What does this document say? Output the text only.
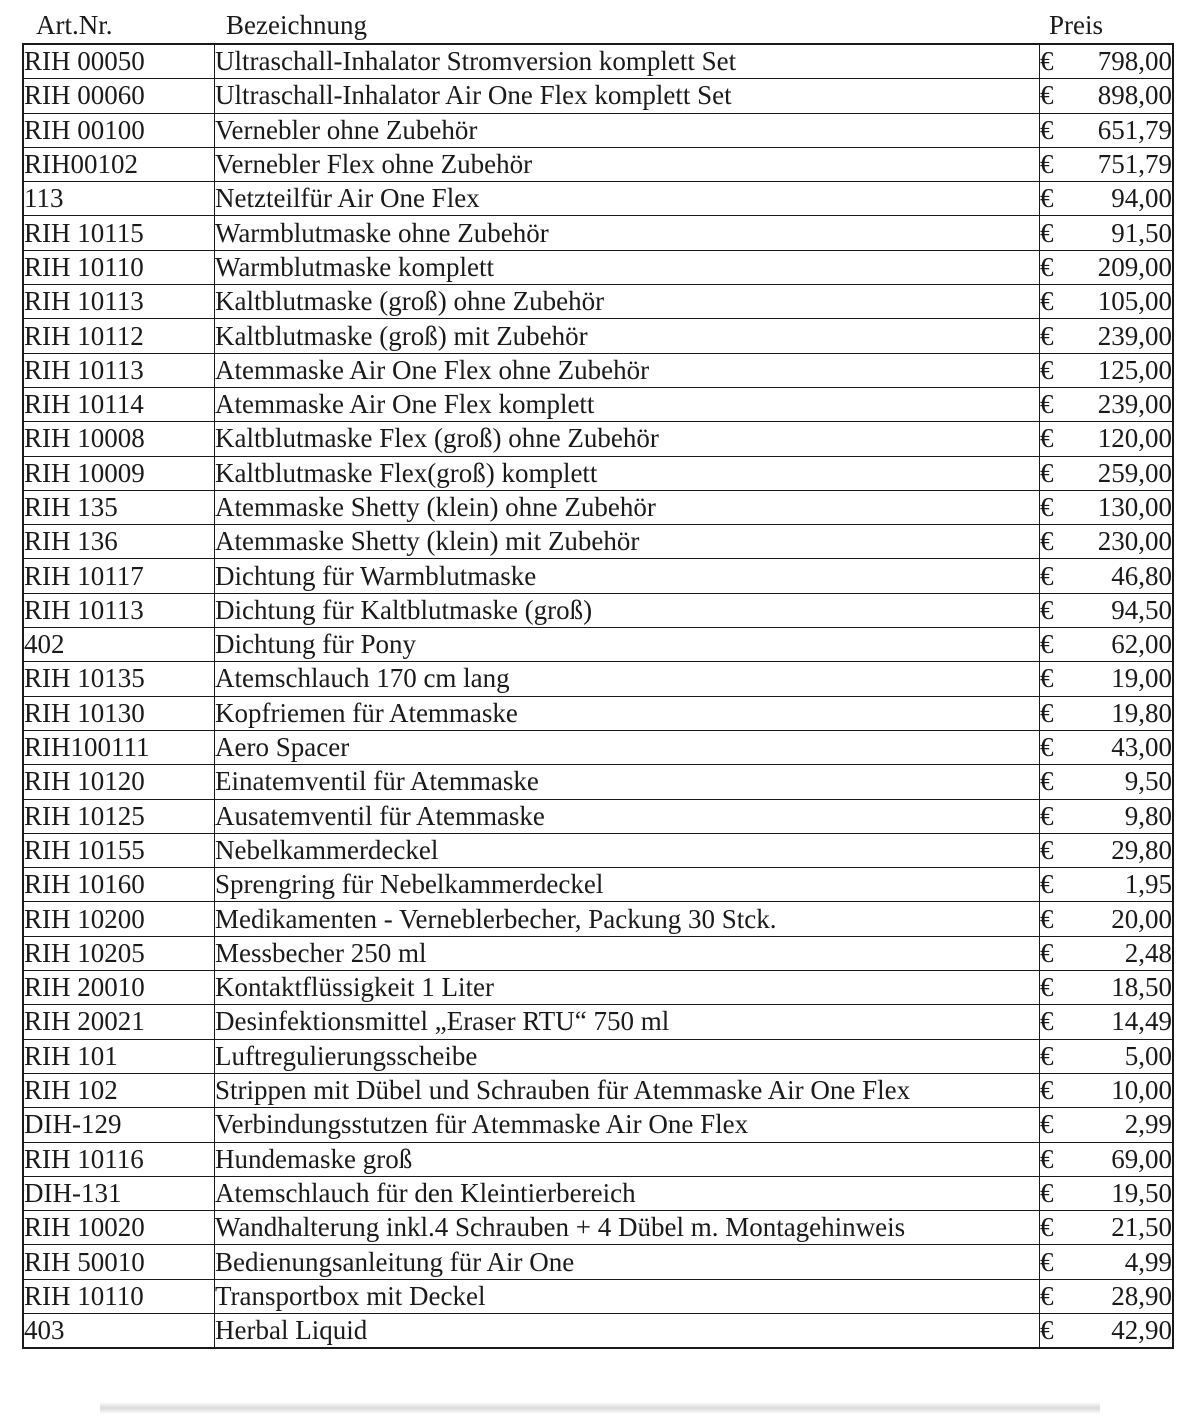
Art.Nr.	Bezeichnung	Preis
RIH 00050	Ultraschall-Inhalator Stromversion komplett Set	€ 798,00

RIH 00060	Ultraschall-Inhalator Air One Flex komplett Set	€ 898,00

RIH 00100	Vernebler ohne Zubehör	€ 651,79

RIH00102	Vernebler Flex ohne Zubehör	€ 751,79

113	Netzteilfür Air One Flex	€ 94,00

RIH 10115	Warmblutmaske ohne Zubehör	€ 91,50

RIH 10110	Warmblutmaske komplett	€ 209,00

RIH 10113	Kaltblutmaske (groß) ohne Zubehör	€ 105,00

RIH 10112	Kaltblutmaske (groß) mit Zubehör	€ 239,00

RIH 10113	Atemmaske Air One Flex ohne Zubehör	€ 125,00

RIH 10114	Atemmaske Air One Flex komplett	€ 239,00

RIH 10008	Kaltblutmaske Flex (groß) ohne Zubehör	€ 120,00

RIH 10009	Kaltblutmaske Flex(groß) komplett	€ 259,00

RIH 135	Atemmaske Shetty (klein) ohne Zubehör	€ 130,00

RIH 136	Atemmaske Shetty (klein) mit Zubehör	€ 230,00

RIH 10117	Dichtung für Warmblutmaske	€ 46,80

RIH 10113	Dichtung für Kaltblutmaske (groß)	€ 94,50

402	Dichtung für Pony	€ 62,00

RIH 10135	Atemschlauch 170 cm lang	€ 19,00

RIH 10130	Kopfriemen für Atemmaske	€ 19,80

RIH100111	Aero Spacer	€ 43,00

RIH 10120	Einatemventil für Atemmaske	€ 9,50

RIH 10125	Ausatemventil für Atemmaske	€ 9,80

RIH 10155	Nebelkammerdeckel	€ 29,80

RIH 10160	Sprengring für Nebelkammerdeckel	€ 1,95

RIH 10200	Medikamenten - Verneblerbecher, Packung 30 Stck.	€ 20,00

RIH 10205	Messbecher 250 ml	€ 2,48

RIH 20010	Kontaktflüssigkeit 1 Liter	€ 18,50

RIH 20021	Desinfektionsmittel „Eraser RTU“ 750 ml	€ 14,49

RIH 101	Luftregulierungsscheibe	€ 5,00

RIH 102	Strippen mit Dübel und Schrauben für Atemmaske Air One Flex	€ 10,00

DIH-129	Verbindungsstutzen für Atemmaske Air One Flex	€ 2,99

RIH 10116	Hundemaske groß	€ 69,00

DIH-131	Atemschlauch für den Kleintierbereich	€ 19,50

RIH 10020	Wandhalterung inkl.4 Schrauben + 4 Dübel m. Montagehinweis	€ 21,50

RIH 50010	Bedienungsanleitung für Air One	€ 4,99

RIH 10110	Transportbox mit Deckel	€ 28,90

403	Herbal Liquid	€ 42,90
